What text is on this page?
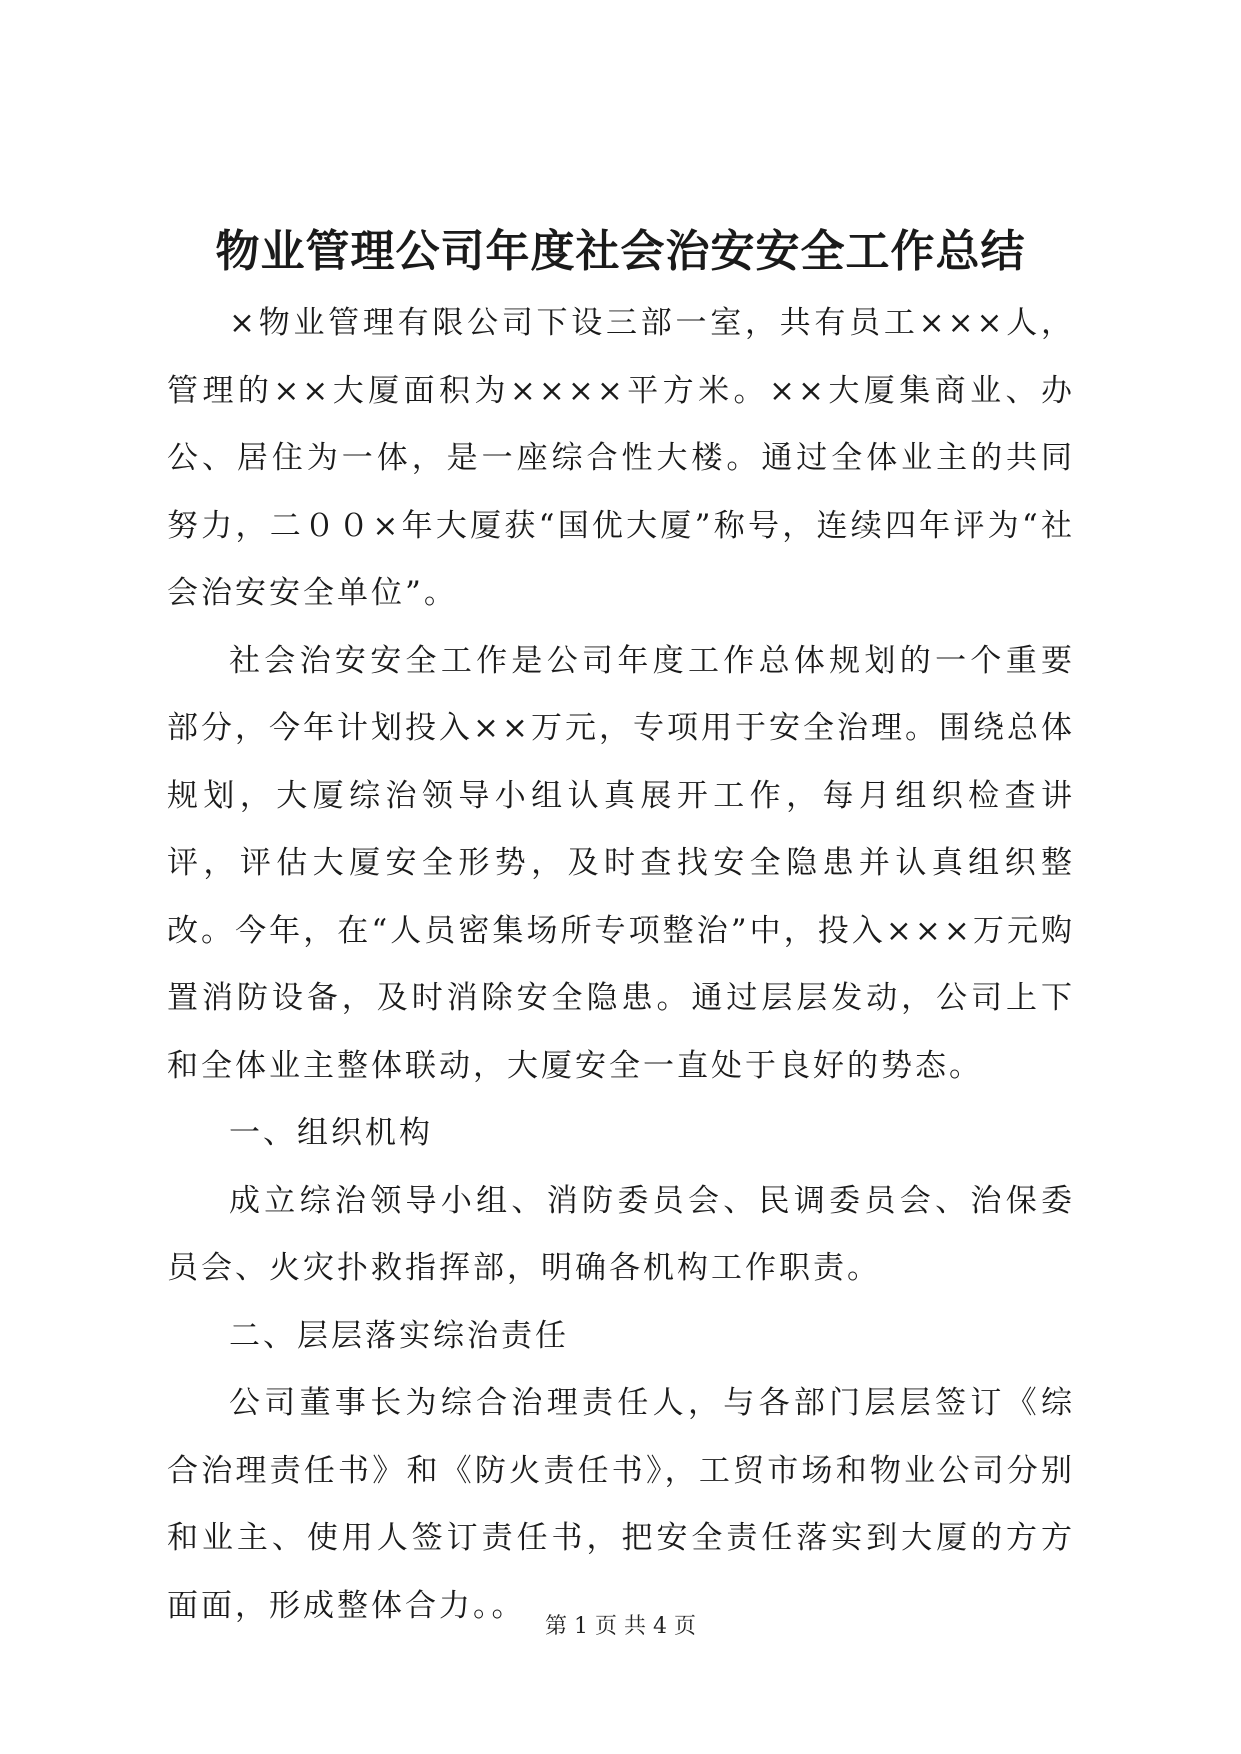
物业管理公司年度社会治安安全工作总结

×物业管理有限公司下设三部一室，共有员工×××人，管理的××大厦面积为××××平方米。××大厦集商业、办公、居住为一体，是一座综合性大楼。通过全体业主的共同努力，二００×年大厦获“国优大厦”称号，连续四年评为“社会治安安全单位”。

社会治安安全工作是公司年度工作总体规划的一个重要部分，今年计划投入××万元，专项用于安全治理。围绕总体规划，大厦综治领导小组认真展开工作，每月组织检查讲评，评估大厦安全形势，及时查找安全隐患并认真组织整改。今年，在“人员密集场所专项整治”中，投入×××万元购置消防设备，及时消除安全隐患。通过层层发动，公司上下和全体业主整体联动，大厦安全一直处于良好的势态。

一、组织机构

成立综治领导小组、消防委员会、民调委员会、治保委员会、火灾扑救指挥部，明确各机构工作职责。

二、层层落实综治责任

公司董事长为综合治理责任人，与各部门层层签订《综合治理责任书》和《防火责任书》，工贸市场和物业公司分别和业主、使用人签订责任书，把安全责任落实到大厦的方方面面，形成整体合力。。

第 1 页 共 4 页
